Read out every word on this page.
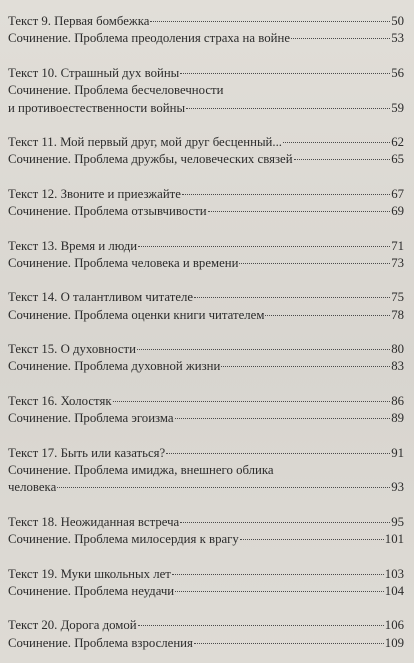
Текст 9. Первая бомбежка	50
Сочинение. Проблема преодоления страха на войне	53
Текст 10. Страшный дух войны	56
Сочинение. Проблема бесчеловечности
и противоестественности войны	59
Текст 11. Мой первый друг, мой друг бесценный...	62
Сочинение. Проблема дружбы, человеческих связей	65
Текст 12. Звоните и приезжайте	67
Сочинение. Проблема отзывчивости	69
Текст 13. Время и люди	71
Сочинение. Проблема человека и времени	73
Текст 14. О талантливом читателе	75
Сочинение. Проблема оценки книги читателем	78
Текст 15. О духовности	80
Сочинение. Проблема духовной жизни	83
Текст 16. Холостяк	86
Сочинение. Проблема эгоизма	89
Текст 17. Быть или казаться?	91
Сочинение. Проблема имиджа, внешнего облика
человека	93
Текст 18. Неожиданная встреча	95
Сочинение. Проблема милосердия к врагу	101
Текст 19. Муки школьных лет	103
Сочинение. Проблема неудачи	104
Текст 20. Дорога домой	106
Сочинение. Проблема взросления	109
